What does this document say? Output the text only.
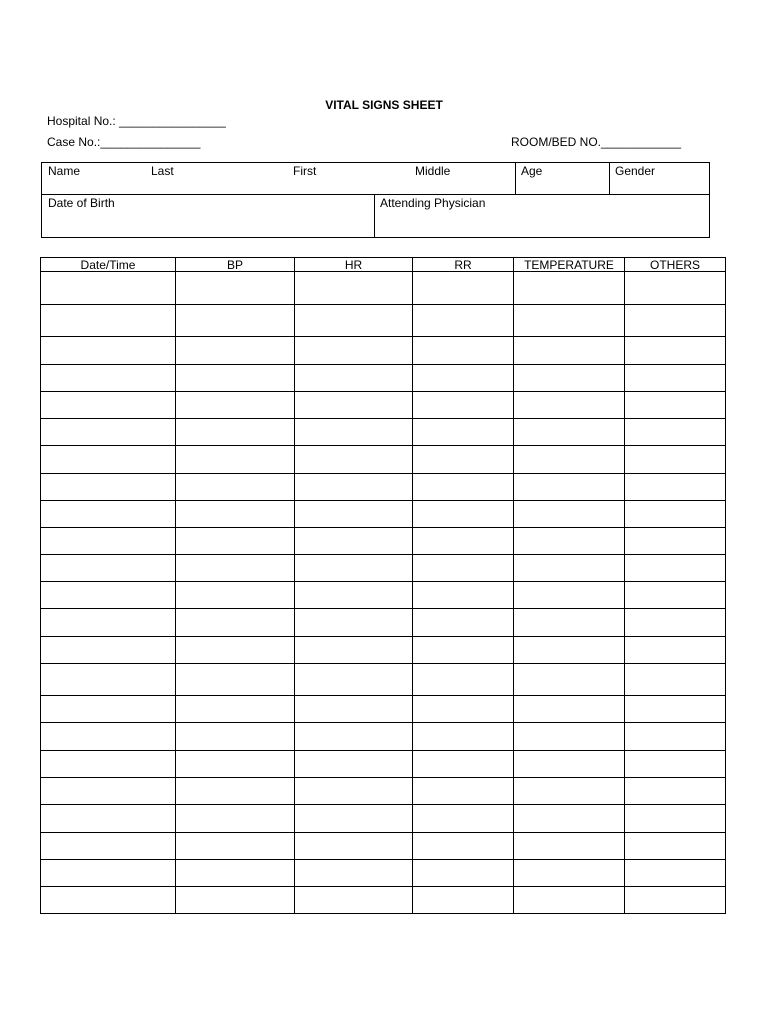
VITAL SIGNS SHEET
Hospital No.: ________________
Case No.:_______________	ROOM/BED NO.____________
Name	Last	First	Middle	Age	Gender
Date of Birth	Attending Physician
Date/Time	BP	HR	RR	TEMPERATURE	OTHERS
